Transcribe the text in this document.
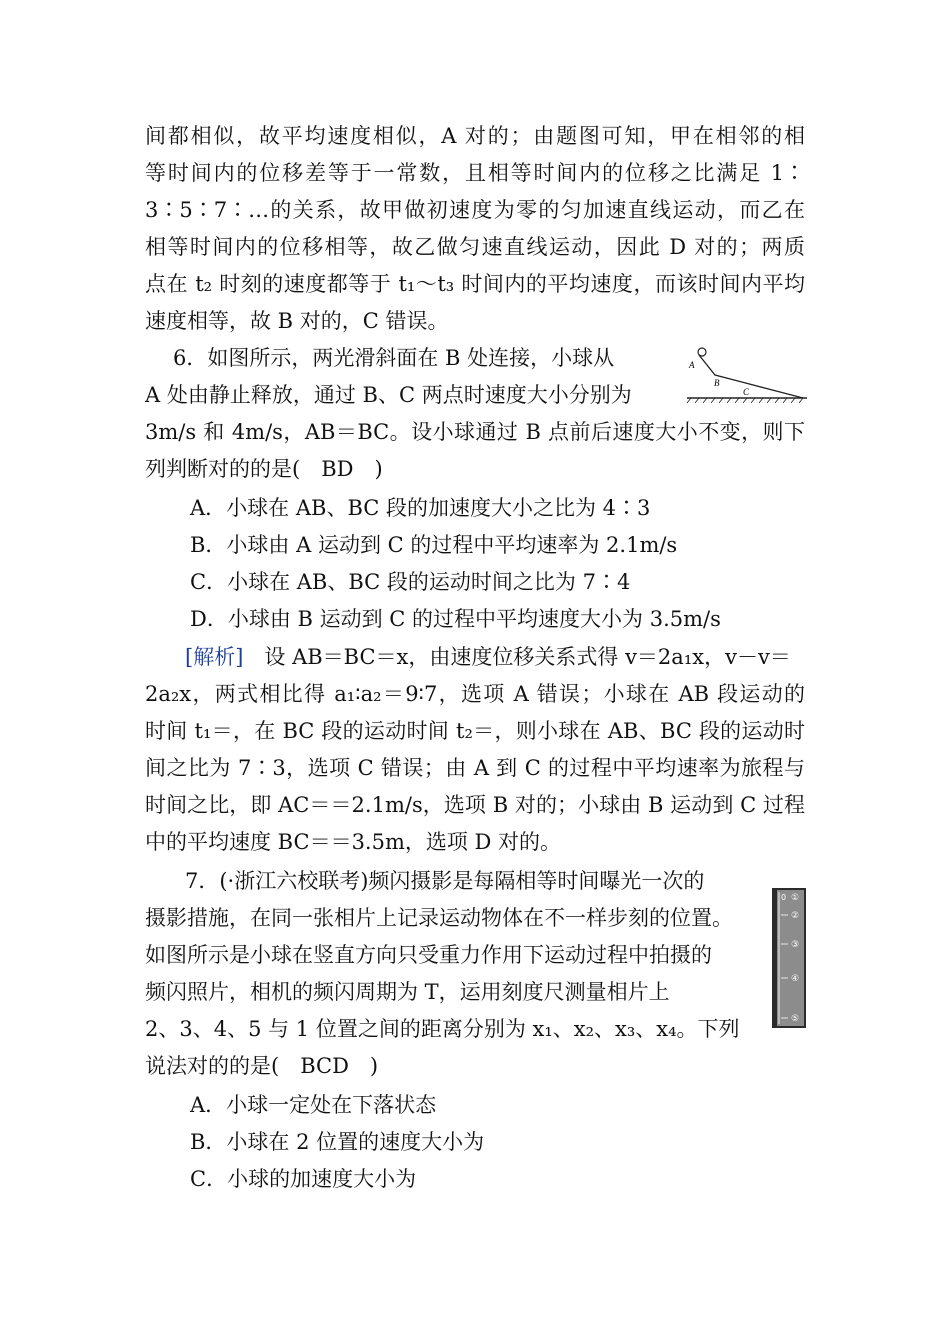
间都相似，故平均速度相似，A 对的；由题图可知，甲在相邻的相
等时间内的位移差等于一常数，且相等时间内的位移之比满足 1∶
3∶5∶7∶…的关系，故甲做初速度为零的匀加速直线运动，而乙在
相等时间内的位移相等，故乙做匀速直线运动，因此 D 对的；两质
点在 t₂ 时刻的速度都等于 t₁～t₃ 时间内的平均速度，而该时间内平均
速度相等，故 B 对的，C 错误。
6．如图所示，两光滑斜面在 B 处连接，小球从
A 处由静止释放，通过 B、C 两点时速度大小分别为
3m/s 和 4m/s，AB＝BC。设小球通过 B 点前后速度大小不变，则下
列判断对的的是(　BD　)
A．小球在 AB、BC 段的加速度大小之比为 4∶3
B．小球由 A 运动到 C 的过程中平均速率为 2.1m/s
C．小球在 AB、BC 段的运动时间之比为 7∶4
D．小球由 B 运动到 C 的过程中平均速度大小为 3.5m/s
[解析]　 设 AB＝BC＝x，由速度位移关系式得 v＝2a₁x，v－v＝
2a₂x，两式相比得 a₁∶a₂＝9∶7，选项 A 错误；小球在 AB 段运动的
时间 t₁＝，在 BC 段的运动时间 t₂＝，则小球在 AB、BC 段的运动时
间之比为 7∶3，选项 C 错误；由 A 到 C 的过程中平均速率为旅程与
时间之比，即 AC＝＝2.1m/s，选项 B 对的；小球由 B 运动到 C 过程
中的平均速度 BC＝＝3.5m，选项 D 对的。
A
B
C
7．(·浙江六校联考)频闪摄影是每隔相等时间曝光一次的
摄影措施，在同一张相片上记录运动物体在不一样步刻的位置。
如图所示是小球在竖直方向只受重力作用下运动过程中拍摄的
频闪照片，相机的频闪周期为 T，运用刻度尺测量相片上
2、3、4、5 与 1 位置之间的距离分别为 x₁、x₂、x₃、x₄。下列
说法对的的是(　BCD　)
A．小球一定处在下落状态
B．小球在 2 位置的速度大小为
C．小球的加速度大小为
0 ①
②
③
④
⑤
